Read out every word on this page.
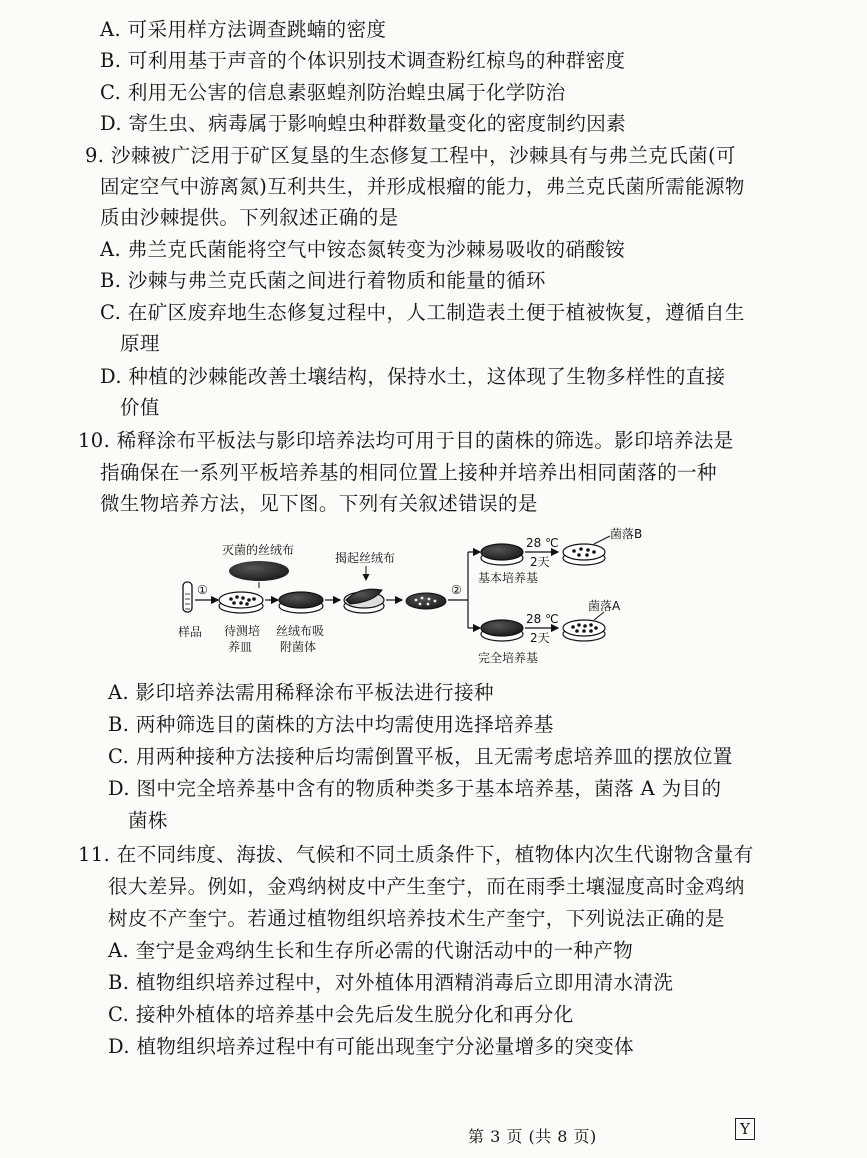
A. 可采用样方法调查跳蝻的密度
B. 可利用基于声音的个体识别技术调查粉红椋鸟的种群密度
C. 利用无公害的信息素驱蝗剂防治蝗虫属于化学防治
D. 寄生虫、病毒属于影响蝗虫种群数量变化的密度制约因素
9. 沙棘被广泛用于矿区复垦的生态修复工程中，沙棘具有与弗兰克氏菌(可
固定空气中游离氮)互利共生，并形成根瘤的能力，弗兰克氏菌所需能源物
质由沙棘提供。下列叙述正确的是
A. 弗兰克氏菌能将空气中铵态氮转变为沙棘易吸收的硝酸铵
B. 沙棘与弗兰克氏菌之间进行着物质和能量的循环
C. 在矿区废弃地生态修复过程中，人工制造表土便于植被恢复，遵循自生
原理
D. 种植的沙棘能改善土壤结构，保持水土，这体现了生物多样性的直接
价值
10. 稀释涂布平板法与影印培养法均可用于目的菌株的筛选。影印培养法是
指确保在一系列平板培养基的相同位置上接种并培养出相同菌落的一种
微生物培养方法，见下图。下列有关叙述错误的是
灭菌的丝绒布
样品
①
待测培
养皿
丝绒布吸
附菌体
揭起丝绒布
②
基本培养基
完全培养基
28 ℃
2天
28 ℃
2天
菌落B
菌落A
A. 影印培养法需用稀释涂布平板法进行接种
B. 两种筛选目的菌株的方法中均需使用选择培养基
C. 用两种接种方法接种后均需倒置平板，且无需考虑培养皿的摆放位置
D. 图中完全培养基中含有的物质种类多于基本培养基，菌落 A 为目的
菌株
11. 在不同纬度、海拔、气候和不同土质条件下，植物体内次生代谢物含量有
很大差异。例如，金鸡纳树皮中产生奎宁，而在雨季土壤湿度高时金鸡纳
树皮不产奎宁。若通过植物组织培养技术生产奎宁，下列说法正确的是
A. 奎宁是金鸡纳生长和生存所必需的代谢活动中的一种产物
B. 植物组织培养过程中，对外植体用酒精消毒后立即用清水清洗
C. 接种外植体的培养基中会先后发生脱分化和再分化
D. 植物组织培养过程中有可能出现奎宁分泌量增多的突变体
第 3 页 (共 8 页)	Y
